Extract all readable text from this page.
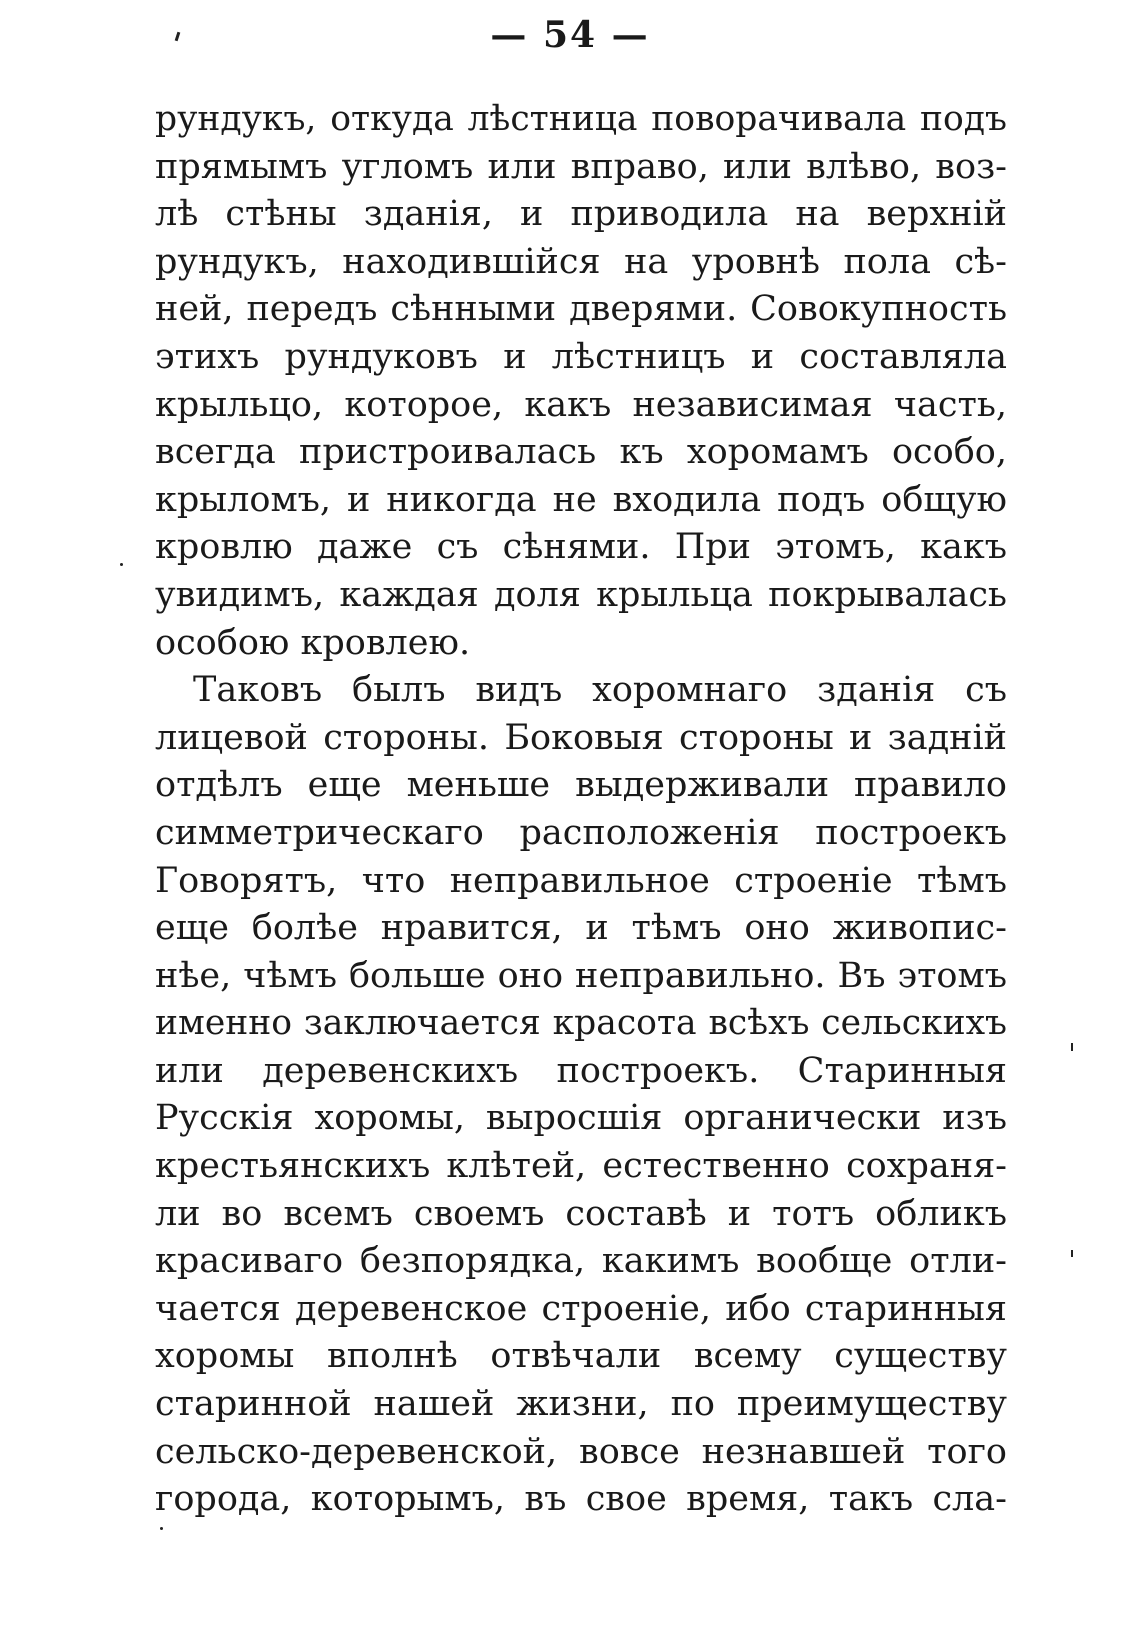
— 54 —
рундукъ, откуда лѣстница поворачивала подъ
прямымъ угломъ или вправо, или влѣво, воз-
лѣ стѣны зданія, и приводила на верхній
рундукъ, находившійся на уровнѣ пола сѣ-
ней, передъ сѣнными дверями. Совокупность
этихъ рундуковъ и лѣстницъ и составляла
крыльцо, которое, какъ независимая часть,
всегда пристроивалась къ хоромамъ особо,
крыломъ, и никогда не входила подъ общую
кровлю даже съ сѣнями. При этомъ, какъ
увидимъ, каждая доля крыльца покрывалась
особою кровлею.
Таковъ былъ видъ хоромнаго зданія съ
лицевой стороны. Боковыя стороны и задній
отдѣлъ еще меньше выдерживали правило
симметрическаго расположенія построекъ
Говорятъ, что неправильное строеніе тѣмъ
еще болѣе нравится, и тѣмъ оно живопис-
нѣе, чѣмъ больше оно неправильно. Въ этомъ
именно заключается красота всѣхъ сельскихъ
или деревенскихъ построекъ. Старинныя
Русскія хоромы, выросшія органически изъ
крестьянскихъ клѣтей, естественно сохраня-
ли во всемъ своемъ составѣ и тотъ обликъ
красиваго безпорядка, какимъ вообще отли-
чается деревенское строеніе, ибо старинныя
хоромы вполнѣ отвѣчали всему существу
старинной нашей жизни, по преимуществу
сельско-деревенской, вовсе незнавшей того
города, которымъ, въ свое время, такъ сла-
